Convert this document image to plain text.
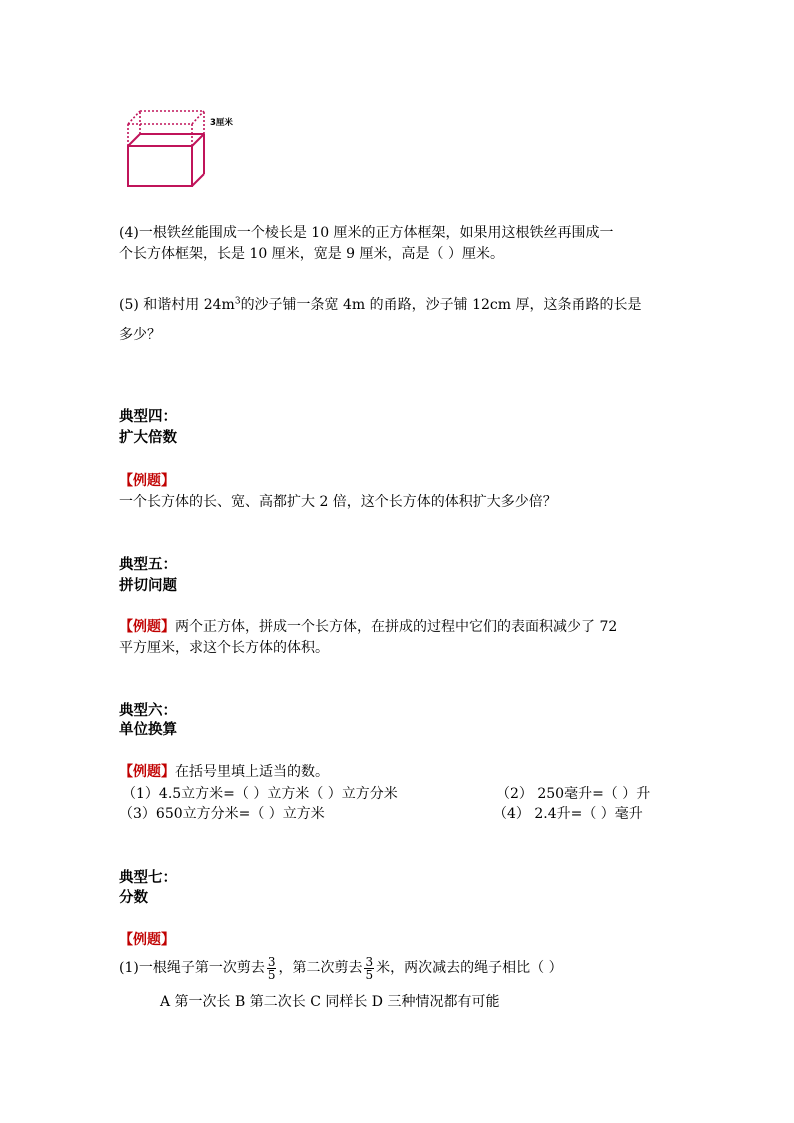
3厘米
(4)一根铁丝能围成一个棱长是 10 厘米的正方体框架，如果用这根铁丝再围成一
个长方体框架，长是 10 厘米，宽是 9 厘米，高是（ ）厘米。
(5) 和谐村用 $24m^3$的沙子铺一条宽 4m 的甬路，沙子铺 12cm 厚，这条甬路的长是
多少？
典型四：
扩大倍数
【例题】
一个长方体的长、宽、高都扩大 2 倍，这个长方体的体积扩大多少倍？
典型五：
拼切问题
【例题】两个正方体，拼成一个长方体，在拼成的过程中它们的表面积减少了 72
平方厘米，求这个长方体的体积。
典型六：
单位换算
【例题】在括号里填上适当的数。
（1）4.5立方米=（ ）立方米（ ）立方分米	（2） 250毫升=（ ）升
（3）650立方分米=（ ）立方米	（4） 2.4升=（ ）毫升
典型七：
分数
【例题】
(1)一根绳子第一次剪去 $\frac{3}{5}$ ，第二次剪去 $\frac{3}{5}$ 米，两次减去的绳子相比（ ）
A 第一次长 B 第二次长 C 同样长 D 三种情况都有可能
